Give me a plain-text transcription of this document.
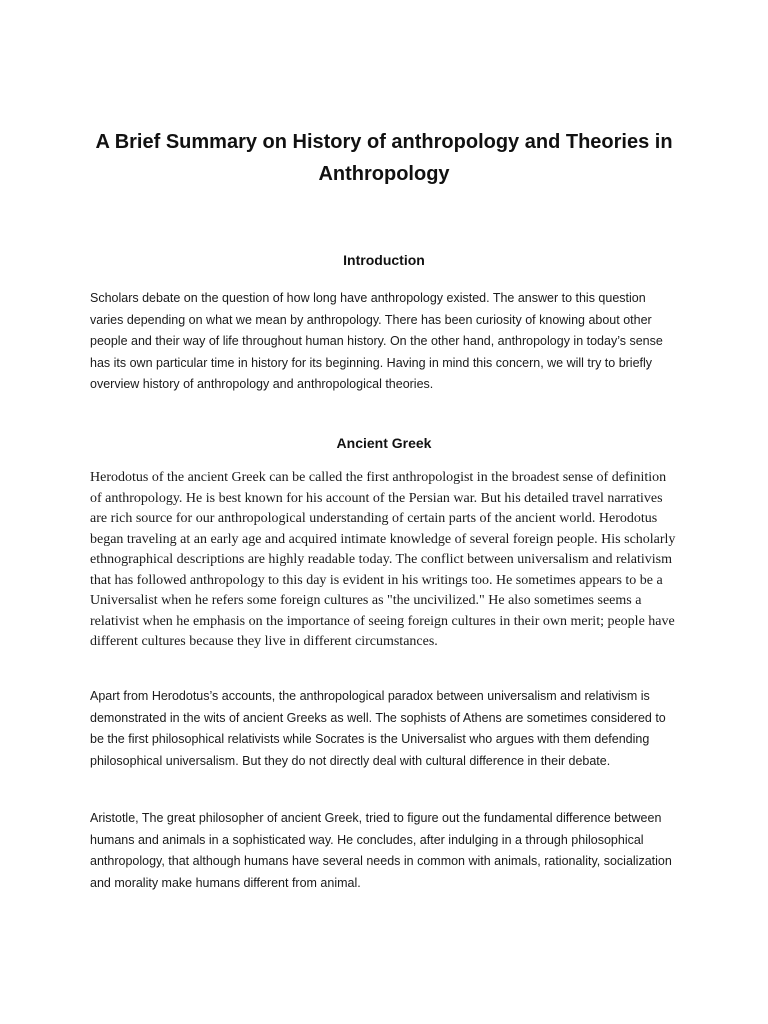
A Brief Summary on History of anthropology and Theories in Anthropology
Introduction

Scholars debate on the question of how long have anthropology existed. The answer to this question varies depending on what we mean by anthropology. There has been curiosity of knowing about other people and their way of life throughout human history. On the other hand, anthropology in today’s sense has its own particular time in history for its beginning. Having in mind this concern, we will try to briefly overview history of anthropology and anthropological theories.

Ancient Greek

Herodotus of the ancient Greek can be called the first anthropologist in the broadest sense of definition of anthropology. He is best known for his account of the Persian war. But his detailed travel narratives are rich source for our anthropological understanding of certain parts of the ancient world. Herodotus began traveling at an early age and acquired intimate knowledge of several foreign people. His scholarly ethnographical descriptions are highly readable today. The conflict between universalism and relativism that has followed anthropology to this day is evident in his writings too. He sometimes appears to be a Universalist when he refers some foreign cultures as "the uncivilized." He also sometimes seems a relativist when he emphasis on the importance of seeing foreign cultures in their own merit; people have different cultures because they live in different circumstances.

Apart from Herodotus’s accounts, the anthropological paradox between universalism and relativism is demonstrated in the wits of ancient Greeks as well. The sophists of Athens are sometimes considered to be the first philosophical relativists while Socrates is the Universalist who argues with them defending philosophical universalism. But they do not directly deal with cultural difference in their debate.

Aristotle, The great philosopher of ancient Greek, tried to figure out the fundamental difference between humans and animals in a sophisticated way. He concludes, after indulging in a through philosophical anthropology, that although humans have several needs in common with animals, rationality, socialization and morality make humans different from animal.
